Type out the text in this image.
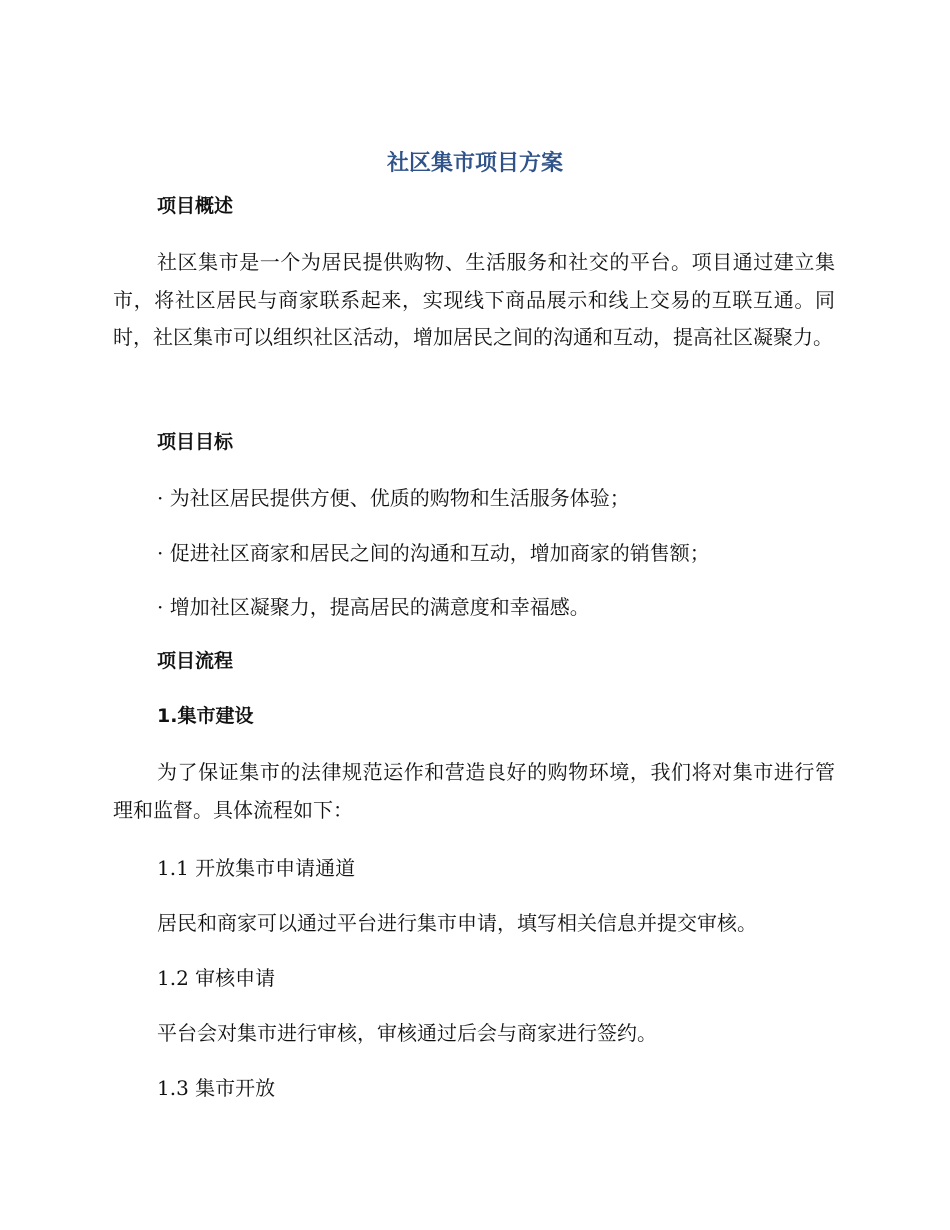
社区集市项目方案
项目概述
社区集市是一个为居民提供购物、生活服务和社交的平台。项目通过建立集市，将社区居民与商家联系起来，实现线下商品展示和线上交易的互联互通。同时，社区集市可以组织社区活动，增加居民之间的沟通和互动，提高社区凝聚力。
项目目标
· 为社区居民提供方便、优质的购物和生活服务体验；
· 促进社区商家和居民之间的沟通和互动，增加商家的销售额；
· 增加社区凝聚力，提高居民的满意度和幸福感。
项目流程
1.集市建设
为了保证集市的法律规范运作和营造良好的购物环境，我们将对集市进行管理和监督。具体流程如下：
1.1 开放集市申请通道
居民和商家可以通过平台进行集市申请，填写相关信息并提交审核。
1.2 审核申请
平台会对集市进行审核，审核通过后会与商家进行签约。
1.3 集市开放
